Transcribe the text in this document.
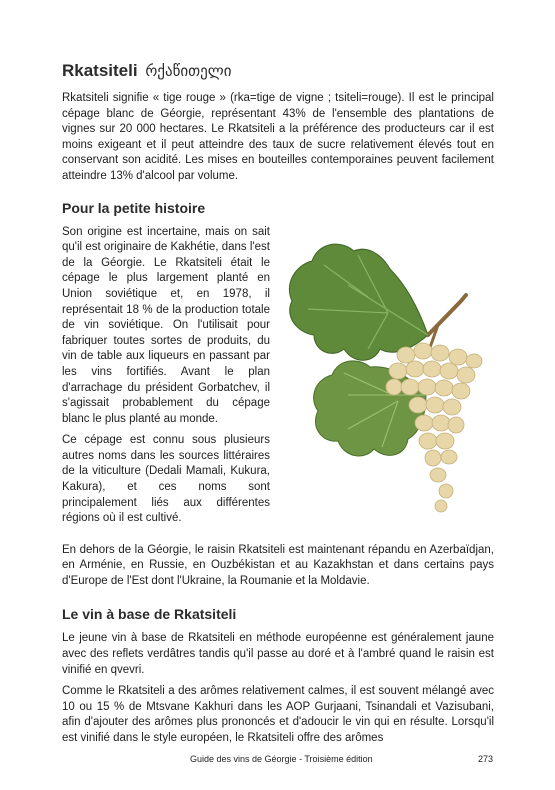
Rkatsiteli რქაწითელი

Rkatsiteli signifie « tige rouge » (rka=tige de vigne ; tsiteli=rouge). Il est le principal cépage blanc de Géorgie, représentant 43% de l'ensemble des plantations de vignes sur 20 000 hectares. Le Rkatsiteli a la préférence des producteurs car il est moins exigeant et il peut atteindre des taux de sucre relativement élevés tout en conservant son acidité. Les mises en bouteilles contemporaines peuvent facilement atteindre 13% d'alcool par volume.

Pour la petite histoire

Son origine est incertaine, mais on sait qu'il est originaire de Kakhétie, dans l'est de la Géorgie. Le Rkatsiteli était le cépage le plus largement planté en Union soviétique et, en 1978, il représentait 18 % de la production totale de vin soviétique. On l'utilisait pour fabriquer toutes sortes de produits, du vin de table aux liqueurs en passant par les vins fortifiés. Avant le plan d'arrachage du président Gorbatchev, il s'agissait probablement du cépage blanc le plus planté au monde.

Ce cépage est connu sous plusieurs autres noms dans les sources littéraires de la viticulture (Dedali Mamali, Kukura, Kakura), et ces noms sont principalement liés aux différentes régions où il est cultivé.

En dehors de la Géorgie, le raisin Rkatsiteli est maintenant répandu en Azerbaïdjan, en Arménie, en Russie, en Ouzbékistan et au Kazakhstan et dans certains pays d'Europe de l'Est dont l'Ukraine, la Roumanie et la Moldavie.

Le vin à base de Rkatsiteli

Le jeune vin à base de Rkatsiteli en méthode européenne est généralement jaune avec des reflets verdâtres tandis qu'il passe au doré et à l'ambré quand le raisin est vinifié en qvevri.

Comme le Rkatsiteli a des arômes relativement calmes, il est souvent mélangé avec 10 ou 15 % de Mtsvane Kakhuri dans les AOP Gurjaani, Tsinandali et Vazisubani, afin d'ajouter des arômes plus prononcés et d'adoucir le vin qui en résulte. Lorsqu'il est vinifié dans le style européen, le Rkatsiteli offre des arômes

Guide des vins de Géorgie - Troisième édition	273
